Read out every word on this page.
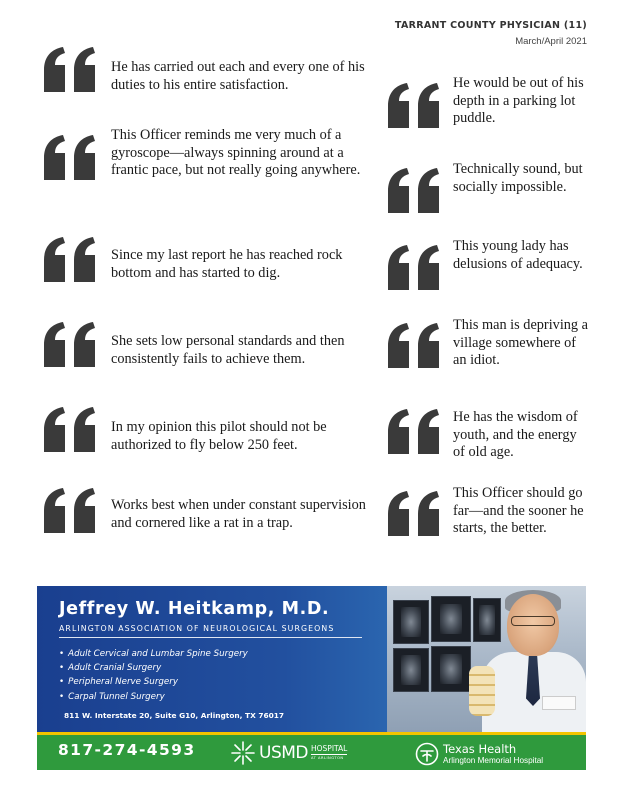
TARRANT COUNTY PHYSICIAN (11)
March/April 2021
He has carried out each and every one of his duties to his entire satisfaction.
This Officer reminds me very much of a gyroscope—always spinning around at a frantic pace, but not really going anywhere.
Since my last report he has reached rock bottom and has started to dig.
She sets low personal standards and then consistently fails to achieve them.
In my opinion this pilot should not be authorized to fly below 250 feet.
Works best when under constant supervision and cornered like a rat in a trap.
He would be out of his depth in a parking lot puddle.
Technically sound, but socially impossible.
This young lady has delusions of adequacy.
This man is depriving a village somewhere of an idiot.
He has the wisdom of youth, and the energy of old age.
This Officer should go far—and the sooner he starts, the better.
Jeffrey W. Heitkamp, M.D.
ARLINGTON ASSOCIATION OF NEUROLOGICAL SURGEONS
• Adult Cervical and Lumbar Spine Surgery
• Adult Cranial Surgery
• Peripheral Nerve Surgery
• Carpal Tunnel Surgery
811 W. Interstate 20, Suite G10, Arlington, TX 76017
817-274-4593	USMD HOSPITAL
AT ARLINGTON
Texas Health
Arlington Memorial Hospital
